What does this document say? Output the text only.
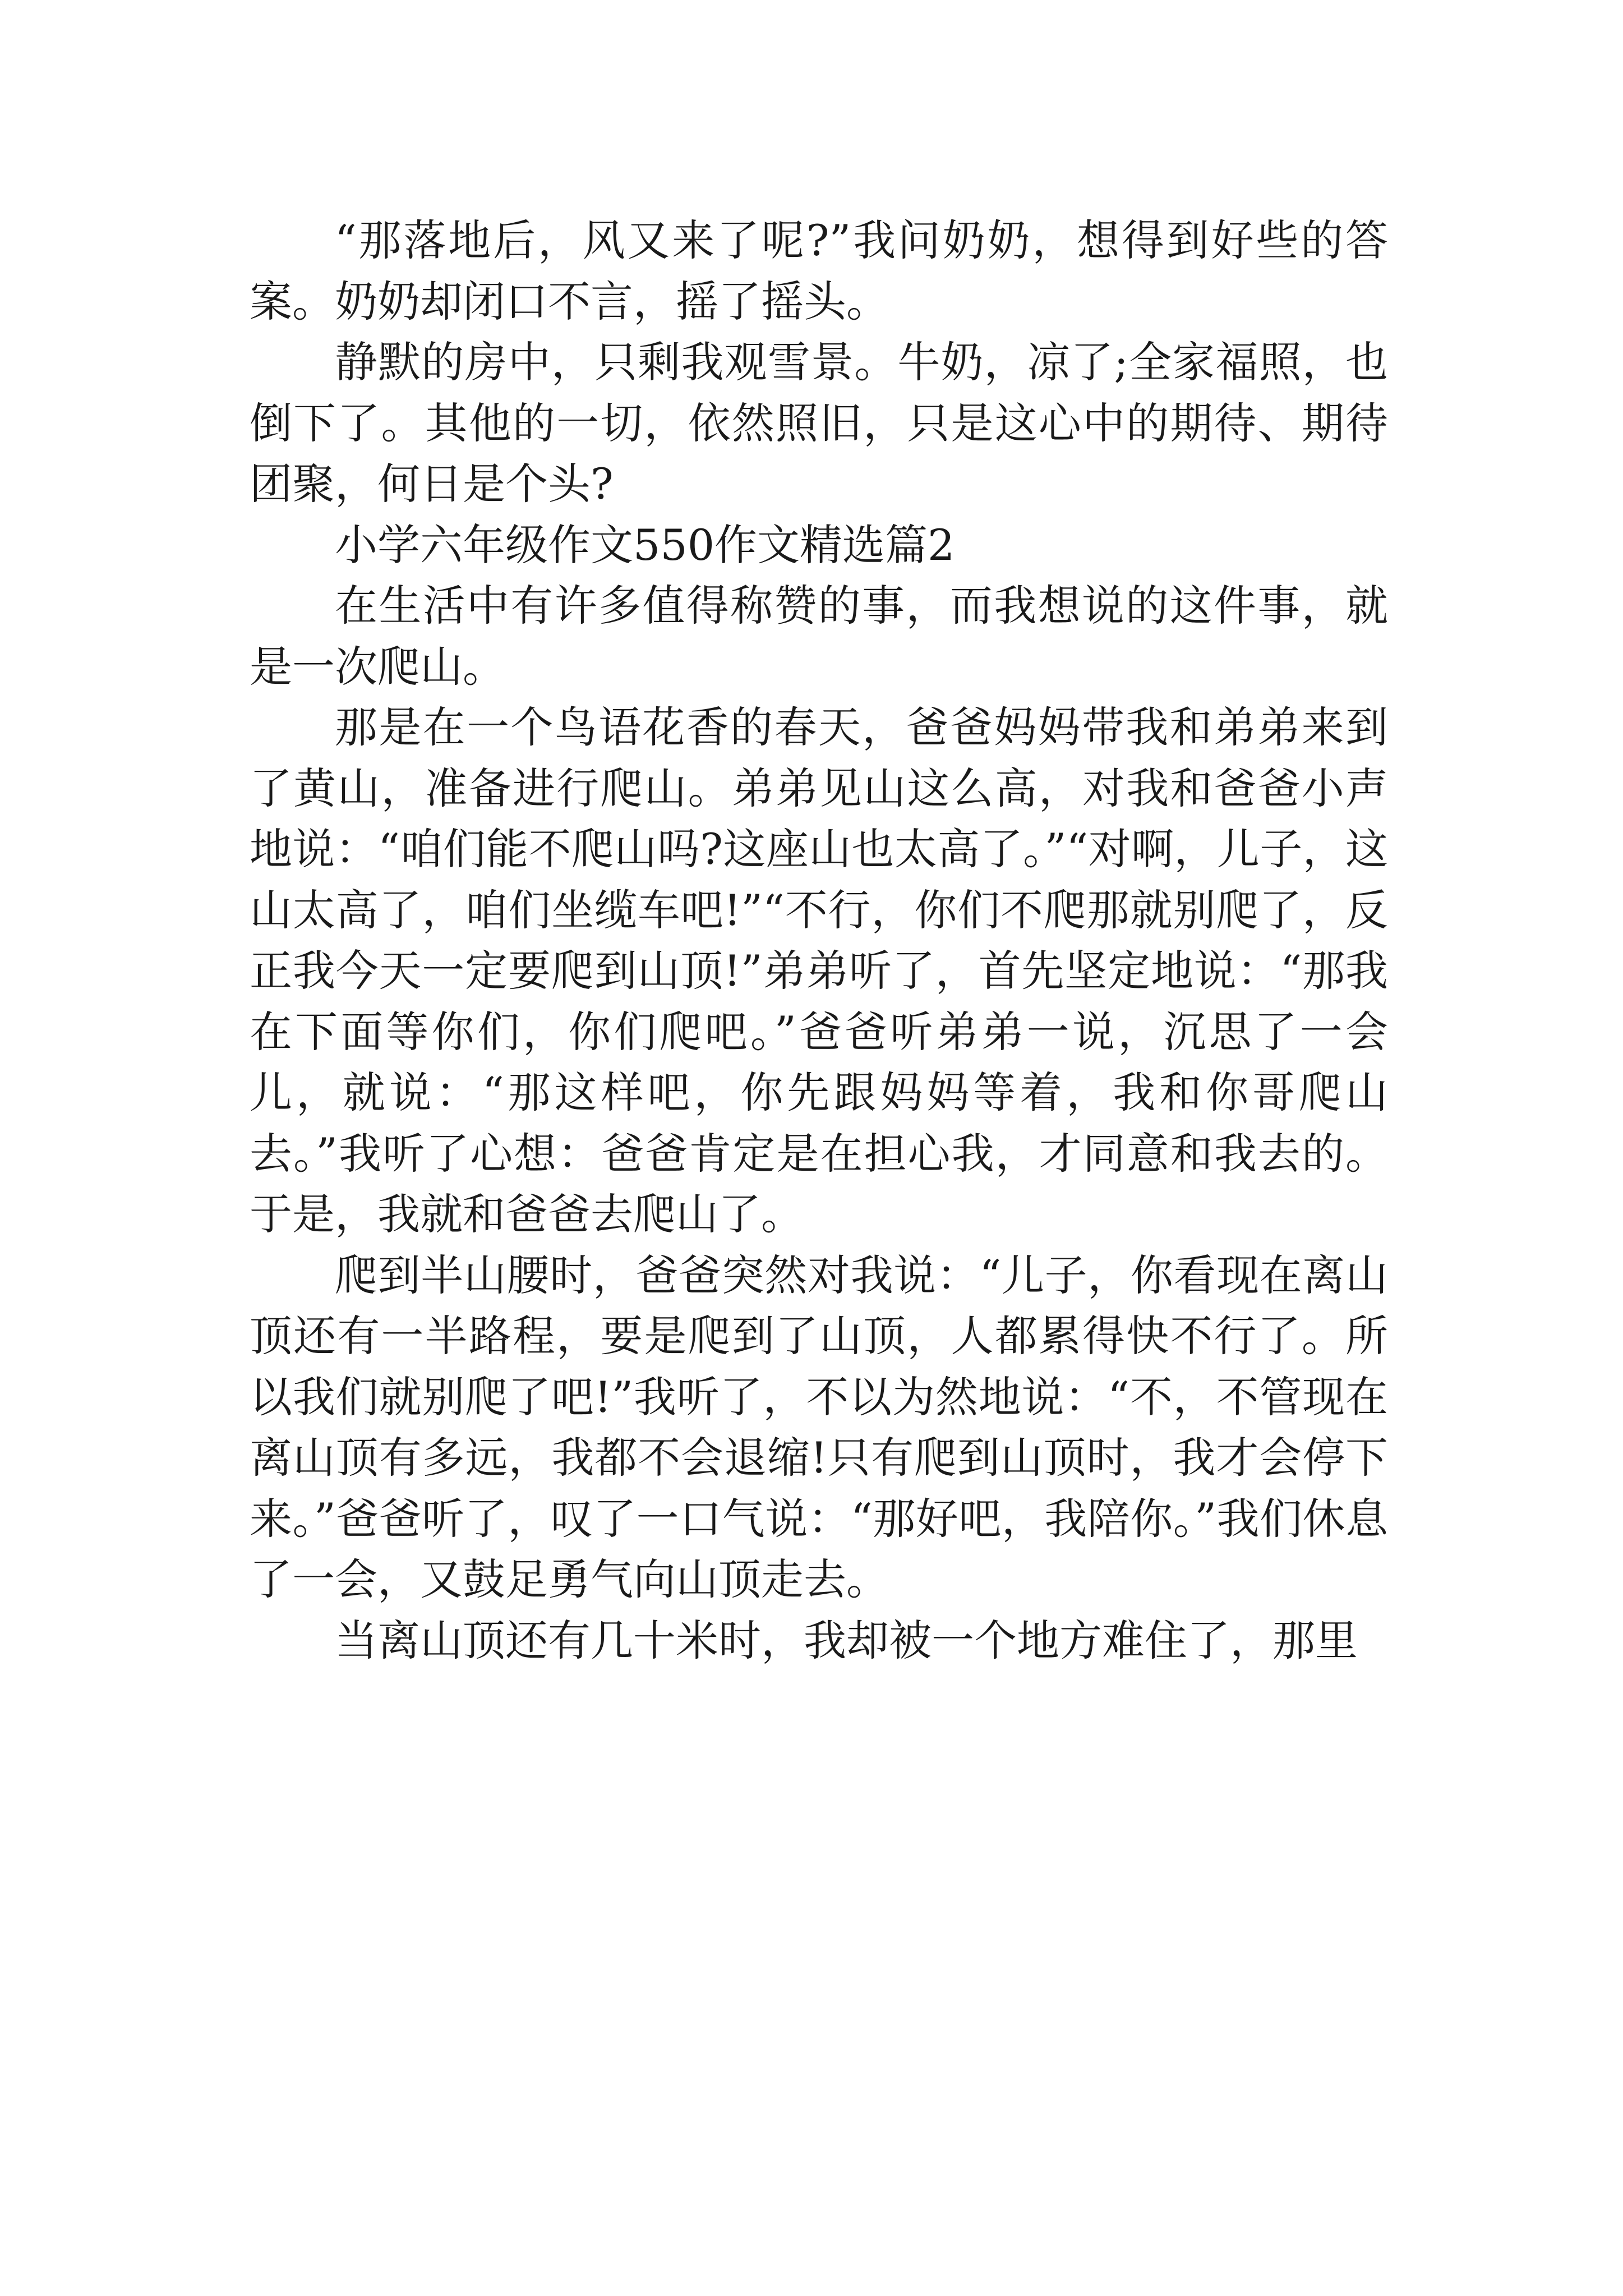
“那落地后，风又来了呢?”我问奶奶，想得到好些的答案。奶奶却闭口不言，摇了摇头。

静默的房中，只剩我观雪景。牛奶，凉了;全家福照，也倒下了。其他的一切，依然照旧，只是这心中的期待、期待团聚，何日是个头?

小学六年级作文550作文精选篇2

在生活中有许多值得称赞的事，而我想说的这件事，就是一次爬山。

那是在一个鸟语花香的春天，爸爸妈妈带我和弟弟来到了黄山，准备进行爬山。弟弟见山这么高，对我和爸爸小声地说：“咱们能不爬山吗?这座山也太高了。”“对啊，儿子，这山太高了，咱们坐缆车吧!”“不行，你们不爬那就别爬了，反正我今天一定要爬到山顶!”弟弟听了，首先坚定地说：“那我在下面等你们，你们爬吧。”爸爸听弟弟一说，沉思了一会儿，就说：“那这样吧，你先跟妈妈等着，我和你哥爬山去。”我听了心想：爸爸肯定是在担心我，才同意和我去的。于是，我就和爸爸去爬山了。

爬到半山腰时，爸爸突然对我说：“儿子，你看现在离山顶还有一半路程，要是爬到了山顶，人都累得快不行了。所以我们就别爬了吧!”我听了，不以为然地说：“不，不管现在离山顶有多远，我都不会退缩!只有爬到山顶时，我才会停下来。”爸爸听了，叹了一口气说：“那好吧，我陪你。”我们休息了一会，又鼓足勇气向山顶走去。

当离山顶还有几十米时，我却被一个地方难住了，那里
